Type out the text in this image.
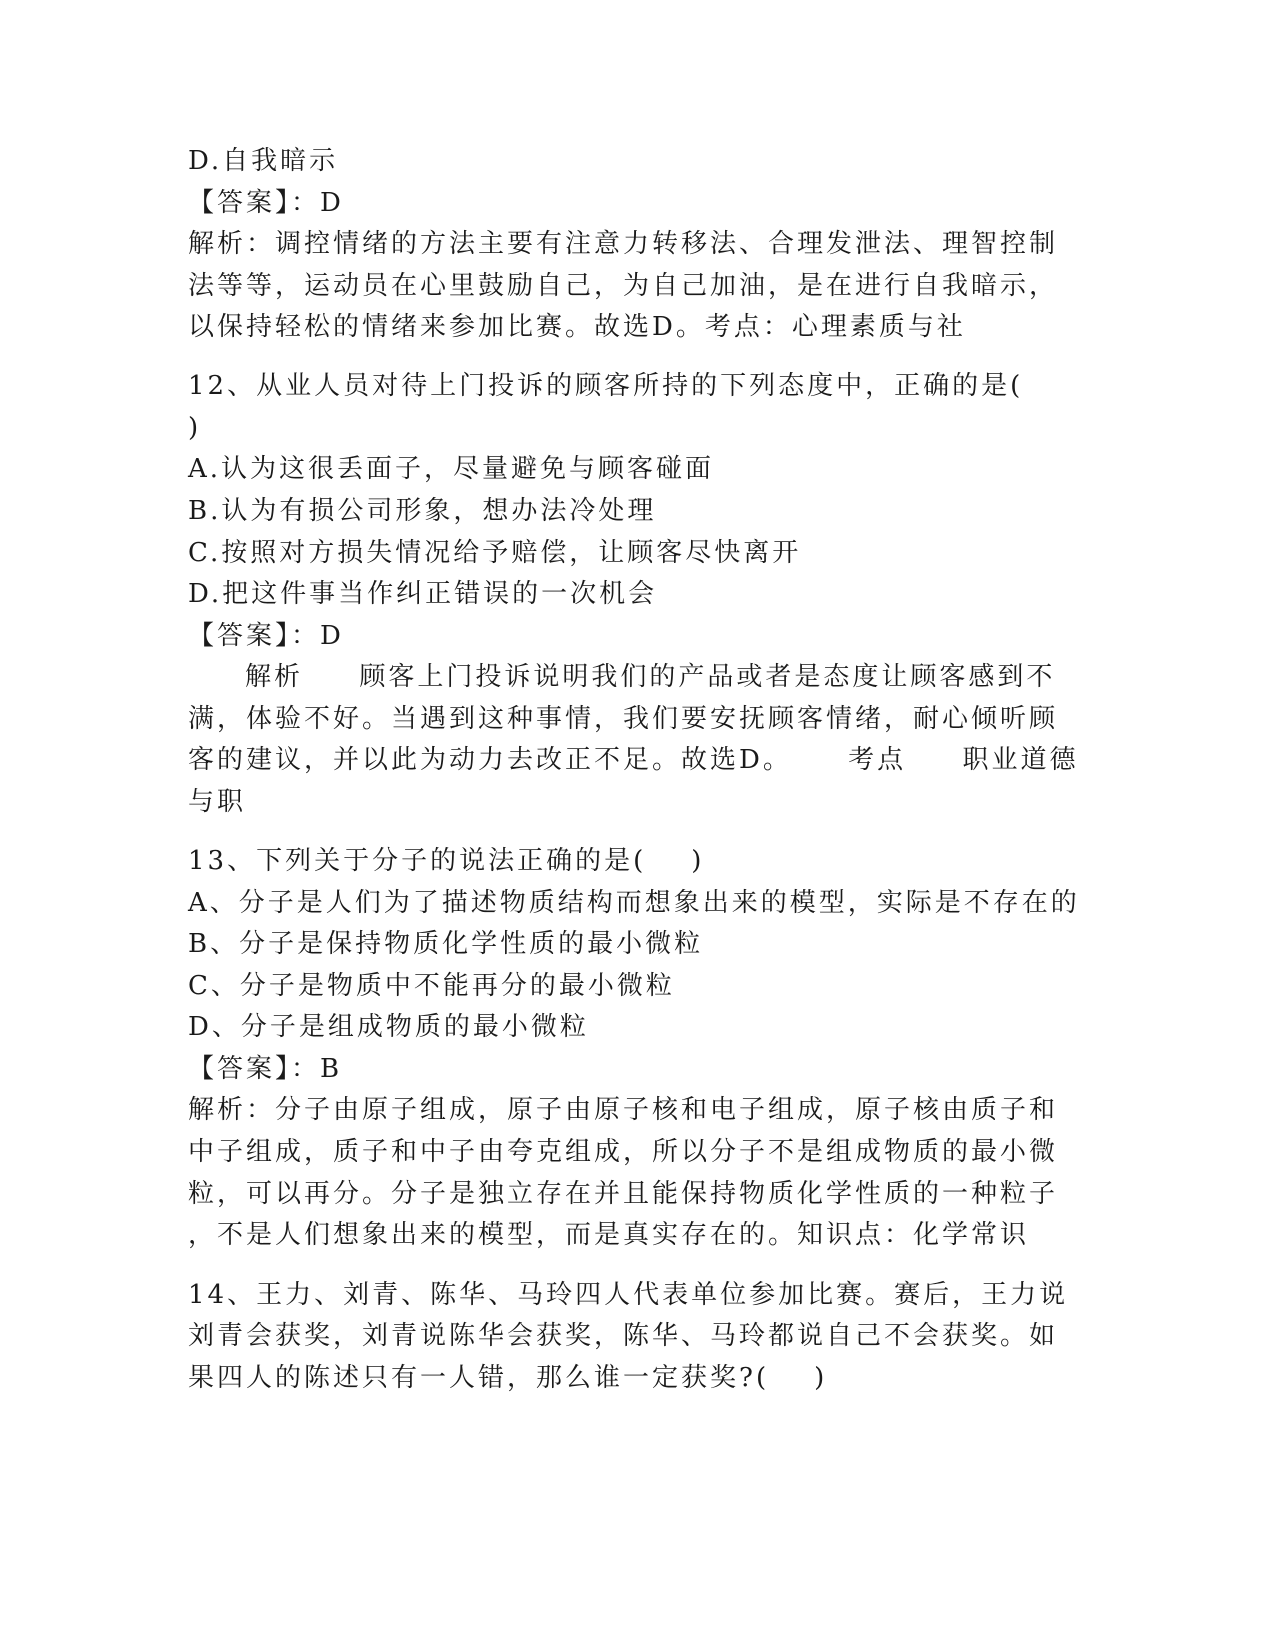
D.自我暗示
【答案】：D
解析：调控情绪的方法主要有注意力转移法、合理发泄法、理智控制
法等等，运动员在心里鼓励自己，为自己加油，是在进行自我暗示，
以保持轻松的情绪来参加比赛。故选D。考点：心理素质与社
12、从业人员对待上门投诉的顾客所持的下列态度中，正确的是(
)
A.认为这很丢面子，尽量避免与顾客碰面
B.认为有损公司形象，想办法冷处理
C.按照对方损失情况给予赔偿，让顾客尽快离开
D.把这件事当作纠正错误的一次机会
【答案】：D
解析     顾客上门投诉说明我们的产品或者是态度让顾客感到不
满，体验不好。当遇到这种事情，我们要安抚顾客情绪，耐心倾听顾
客的建议，并以此为动力去改正不足。故选D。     考点     职业道德
与职
13、下列关于分子的说法正确的是(    )
A、分子是人们为了描述物质结构而想象出来的模型，实际是不存在的
B、分子是保持物质化学性质的最小微粒
C、分子是物质中不能再分的最小微粒
D、分子是组成物质的最小微粒
【答案】：B
解析：分子由原子组成，原子由原子核和电子组成，原子核由质子和
中子组成，质子和中子由夸克组成，所以分子不是组成物质的最小微
粒，可以再分。分子是独立存在并且能保持物质化学性质的一种粒子
，不是人们想象出来的模型，而是真实存在的。知识点：化学常识
14、王力、刘青、陈华、马玲四人代表单位参加比赛。赛后，王力说
刘青会获奖，刘青说陈华会获奖，陈华、马玲都说自己不会获奖。如
果四人的陈述只有一人错，那么谁一定获奖?(    )
